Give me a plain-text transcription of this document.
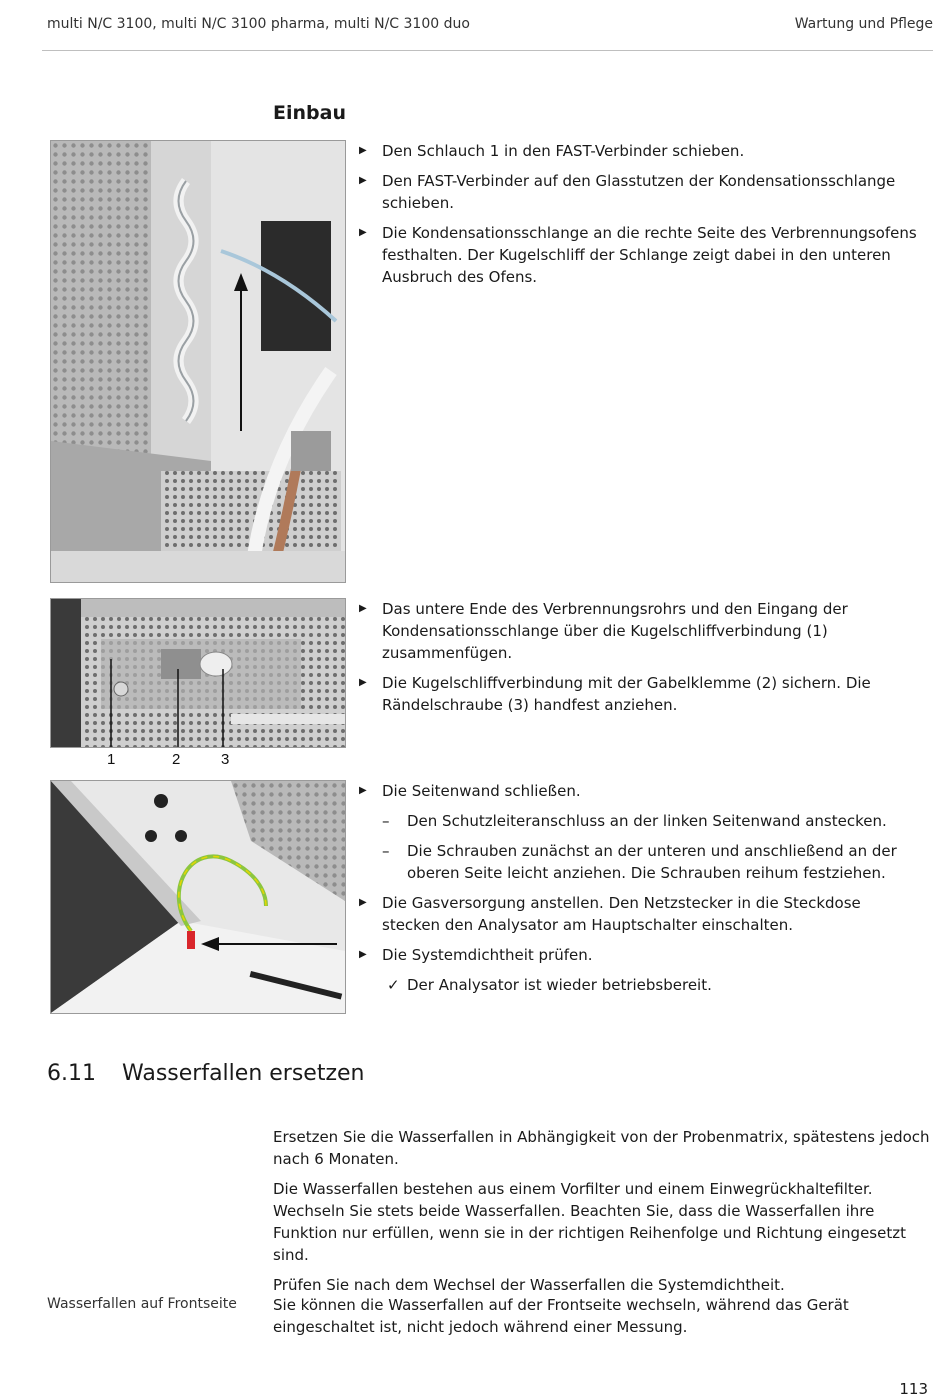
multi N/C 3100, multi N/C 3100 pharma, multi N/C 3100 duo	Wartung und Pflege
Einbau
▶ Den Schlauch 1 in den FAST-Verbinder schieben.
▶ Den FAST-Verbinder auf den Glasstutzen der Kondensationsschlange schieben.
▶ Die Kondensationsschlange an die rechte Seite des Verbrennungsofens festhalten. Der Kugelschliff der Schlange zeigt dabei in den unteren Ausbruch des Ofens.
1	2	3
▶ Das untere Ende des Verbrennungsrohrs und den Eingang der Kondensationsschlange über die Kugelschliffverbindung (1) zusammenfügen.
▶ Die Kugelschliffverbindung mit der Gabelklemme (2) sichern. Die Rändelschraube (3) handfest anziehen.
▶ Die Seitenwand schließen.
– Den Schutzleiteranschluss an der linken Seitenwand anstecken.
– Die Schrauben zunächst an der unteren und anschließend an der oberen Seite leicht anziehen. Die Schrauben reihum festziehen.
▶ Die Gasversorgung anstellen. Den Netzstecker in die Steckdose stecken den Analysator am Hauptschalter einschalten.
▶ Die Systemdichtheit prüfen.
✓ Der Analysator ist wieder betriebsbereit.
6.11 Wasserfallen ersetzen

Ersetzen Sie die Wasserfallen in Abhängigkeit von der Probenmatrix, spätestens jedoch nach 6 Monaten.

Die Wasserfallen bestehen aus einem Vorfilter und einem Einwegrückhaltefilter. Wechseln Sie stets beide Wasserfallen. Beachten Sie, dass die Wasserfallen ihre Funktion nur erfüllen, wenn sie in der richtigen Reihenfolge und Richtung eingesetzt sind.

Prüfen Sie nach dem Wechsel der Wasserfallen die Systemdichtheit.

Wasserfallen auf Frontseite Sie können die Wasserfallen auf der Frontseite wechseln, während das Gerät eingeschaltet ist, nicht jedoch während einer Messung.
113
